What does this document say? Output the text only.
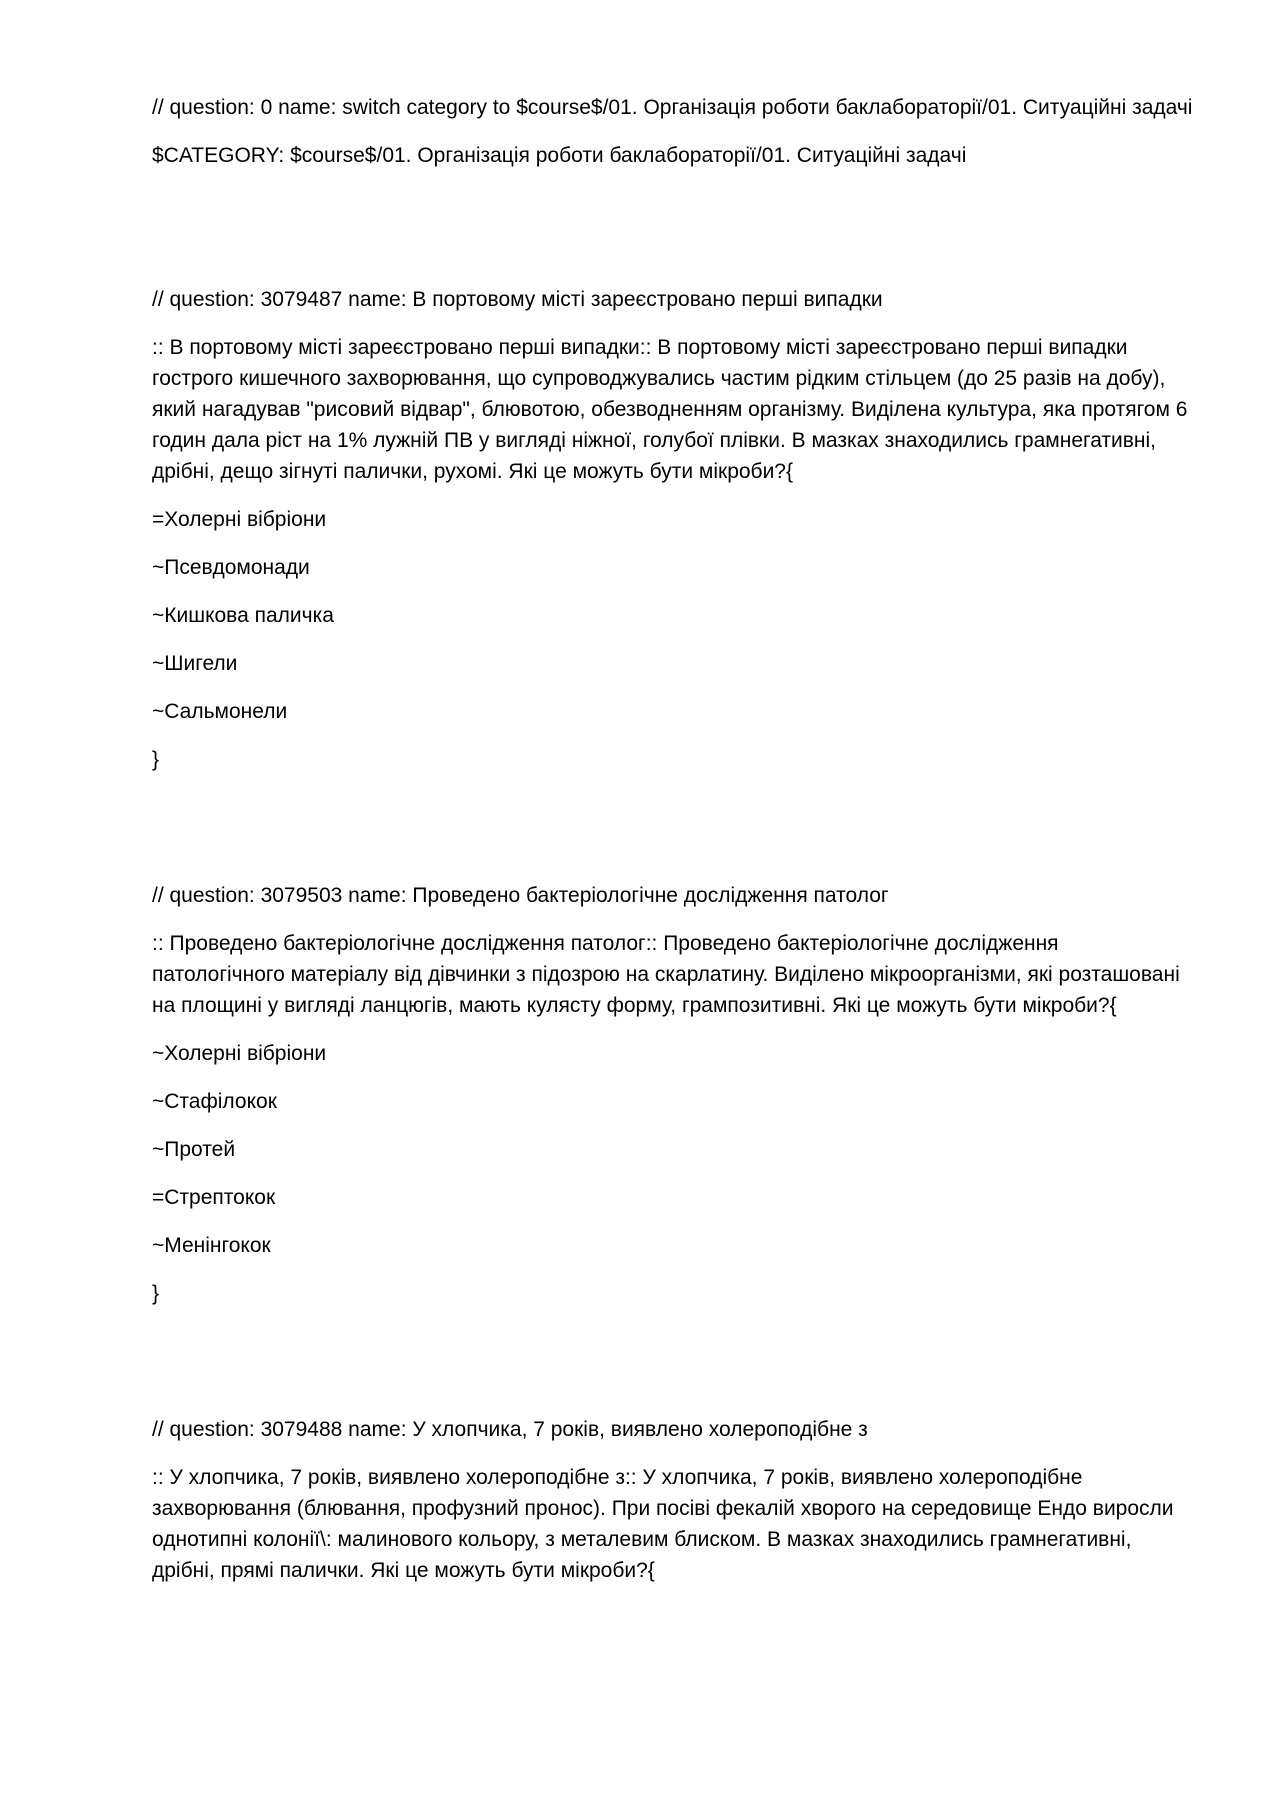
// question: 0 name: switch category to $course$/01. Організація роботи баклабораторії/01. Ситуаційні задачі

$CATEGORY: $course$/01. Організація роботи баклабораторії/01. Ситуаційні задачі

// question: 3079487 name: В портовому місті зареєстровано перші випадки

:: В портовому місті зареєстровано перші випадки:: В портовому місті зареєстровано перші випадки гострого кишечного захворювання, що супроводжувались частим рідким стільцем (до 25 разів на добу), який нагадував "рисовий відвар", блювотою, обезводненням організму. Виділена культура, яка протягом 6 годин дала ріст на 1% лужній ПВ у вигляді ніжної, голубої плівки. В мазках знаходились грамнегативні, дрібні, дещо зігнуті палички, рухомі. Які це можуть бути мікроби?{

=Холерні вібріони

~Псевдомонади

~Кишкова паличка

~Шигели

~Сальмонели

}

// question: 3079503 name: Проведено бактеріологічне дослідження патолог

:: Проведено бактеріологічне дослідження патолог:: Проведено бактеріологічне дослідження патологічного матеріалу від дівчинки з підозрою на скарлатину. Виділено мікроорганізми, які розташовані на площині у вигляді ланцюгів, мають кулясту форму, грампозитивні. Які це можуть бути мікроби?{

~Холерні вібріони

~Стафілокок

~Протей

=Стрептокок

~Менінгокок

}

// question: 3079488 name: У хлопчика, 7 років, виявлено холероподібне з

:: У хлопчика, 7 років, виявлено холероподібне з:: У хлопчика, 7 років, виявлено холероподібне захворювання (блювання, профузний пронос). При посіві фекалій хворого на середовище Ендо виросли однотипні колонії\: малинового кольору, з металевим блиском. В мазках знаходились грамнегативні, дрібні, прямі палички. Які це можуть бути мікроби?{
